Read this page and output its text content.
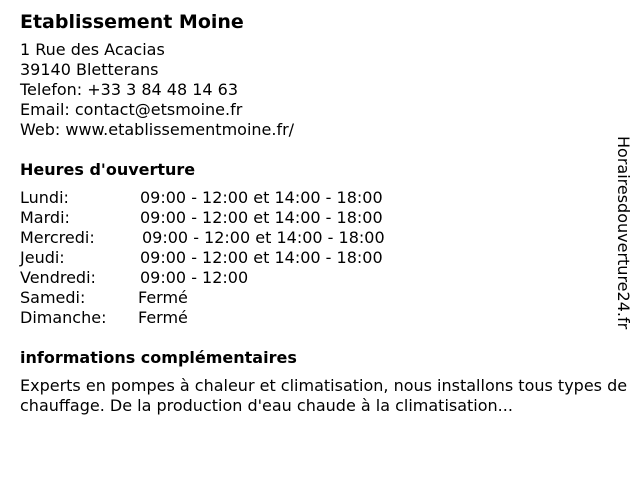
Etablissement Moine
1 Rue des Acacias
39140 Bletterans
Telefon: +33 3 84 48 14 63
Email: contact@etsmoine.fr
Web: www.etablissementmoine.fr/
Heures d'ouverture
Lundi:	09:00 - 12:00 et 14:00 - 18:00
Mardi:	09:00 - 12:00 et 14:00 - 18:00
Mercredi:	09:00 - 12:00 et 14:00 - 18:00
Jeudi:	09:00 - 12:00 et 14:00 - 18:00
Vendredi:	09:00 - 12:00
Samedi:	Fermé
Dimanche:	Fermé
informations complémentaires
Experts en pompes à chaleur et climatisation, nous installons tous types de chauffage. De la production d'eau chaude à la climatisation...
Horairesdouverture24.fr
